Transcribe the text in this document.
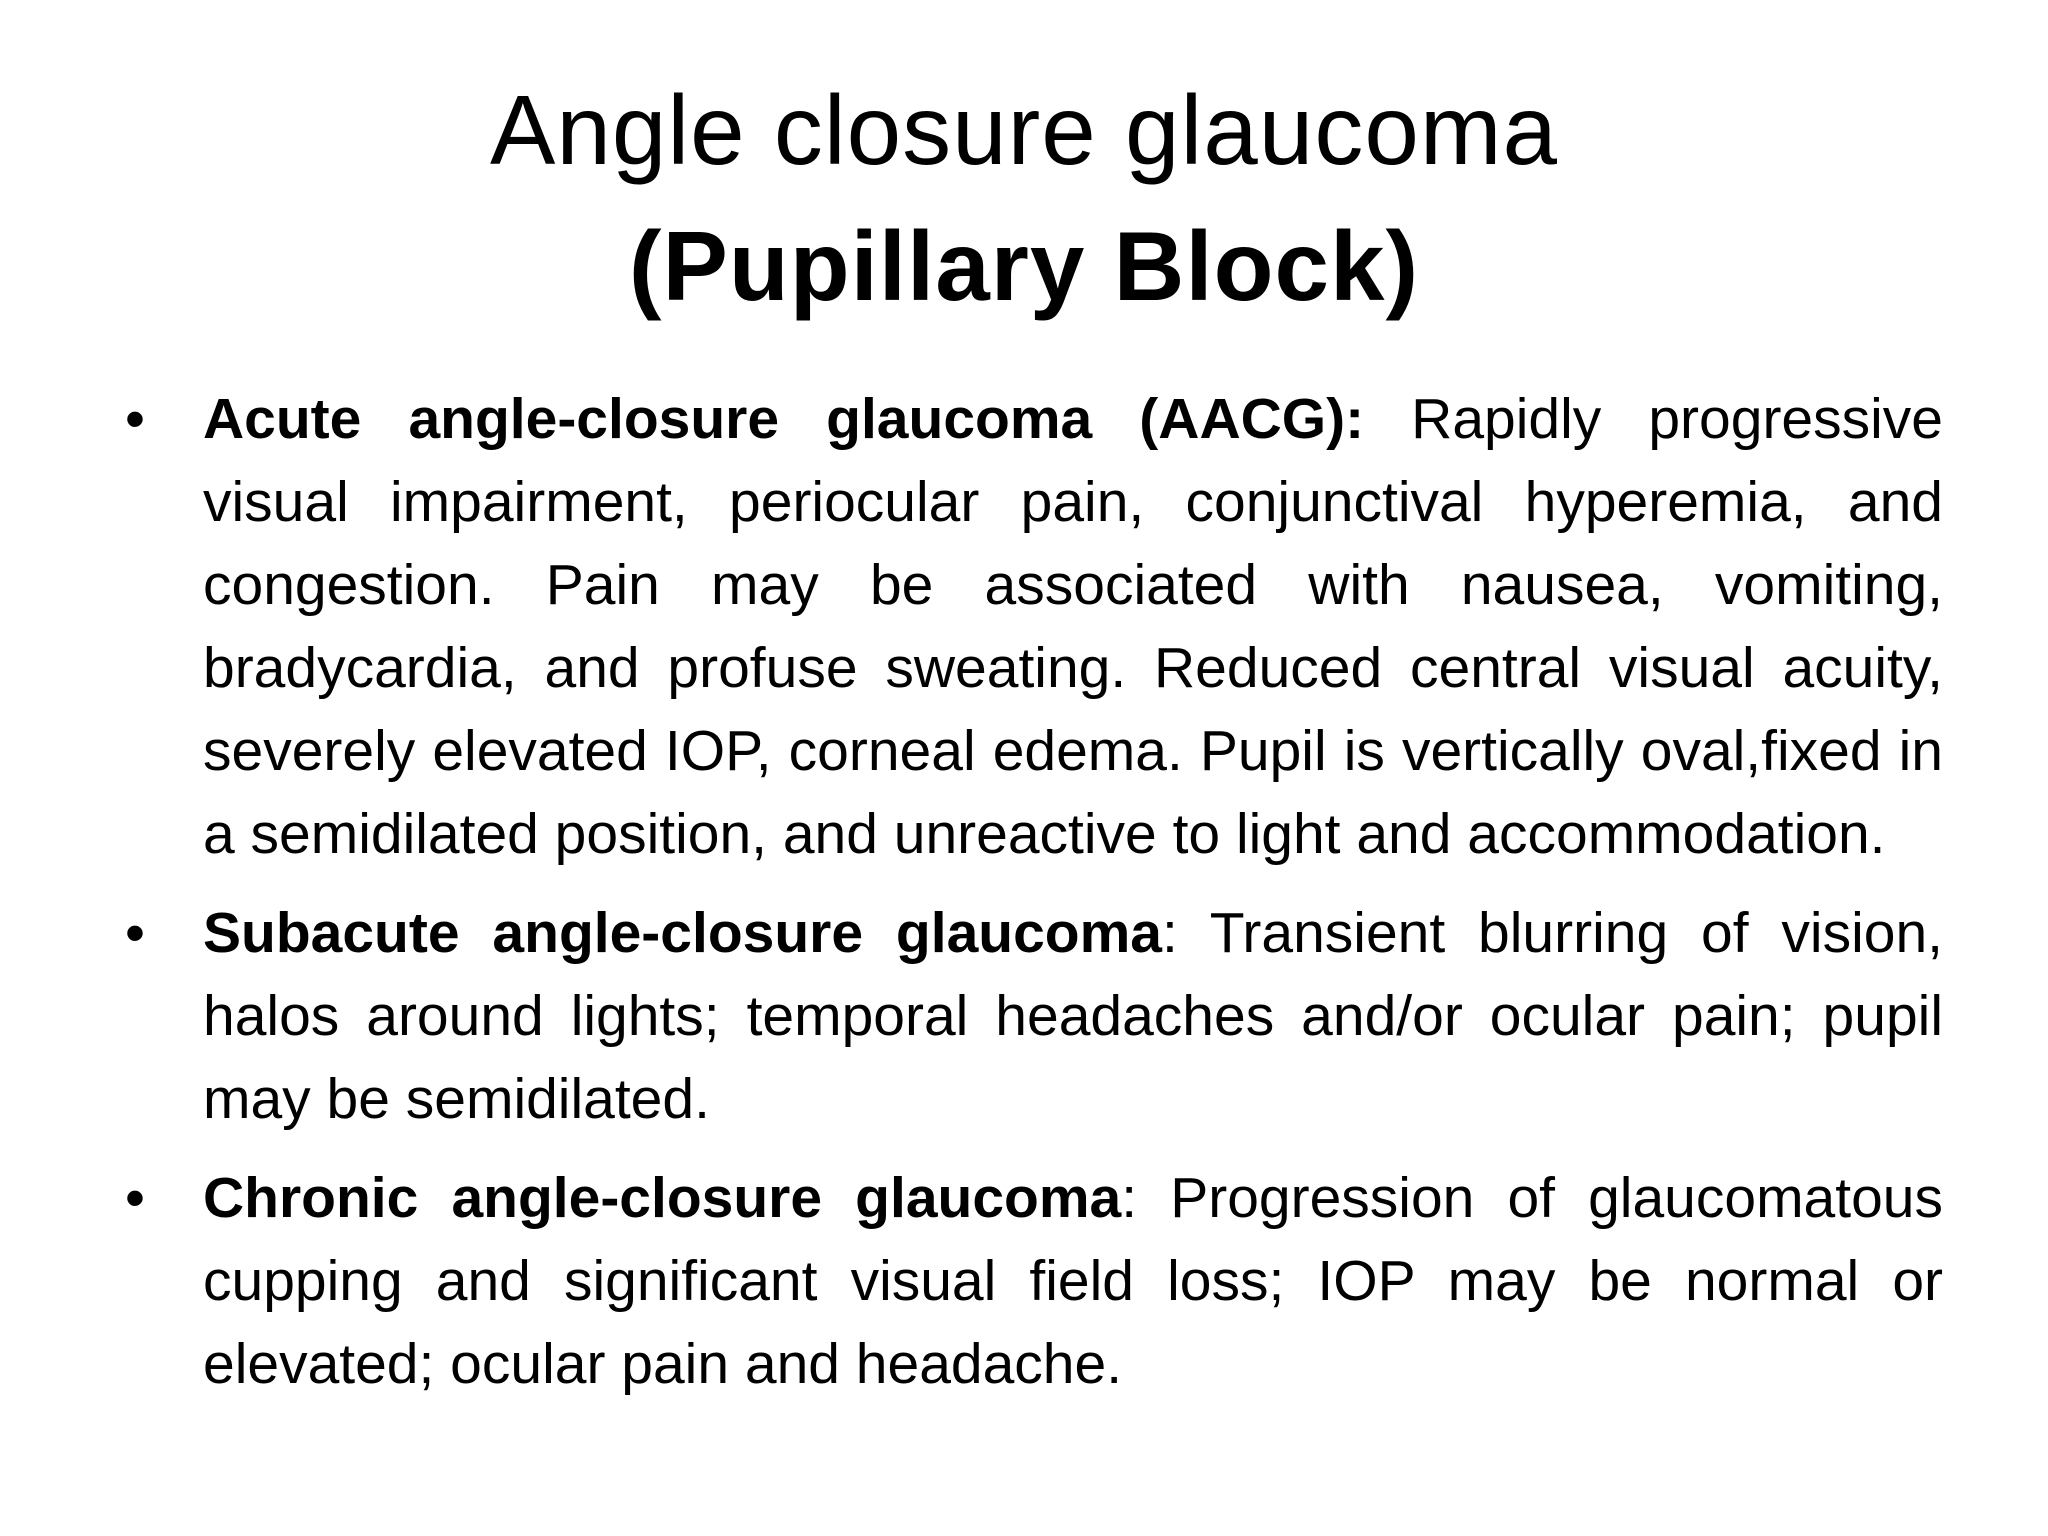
Angle closure glaucoma
(Pupillary Block)
• Acute angle-closure glaucoma (AACG): Rapidly progressive visual impairment, periocular pain, conjunctival hyperemia, and congestion. Pain may be associated with nausea, vomiting, bradycardia, and profuse sweating. Reduced central visual acuity, severely elevated IOP, corneal edema. Pupil is vertically oval,fixed in a semidilated position, and unreactive to light and accommodation.
• Subacute angle-closure glaucoma: Transient blurring of vision, halos around lights; temporal headaches and/or ocular pain; pupil may be semidilated.
• Chronic angle-closure glaucoma: Progression of glaucomatous cupping and significant visual field loss; IOP may be normal or elevated; ocular pain and headache.
